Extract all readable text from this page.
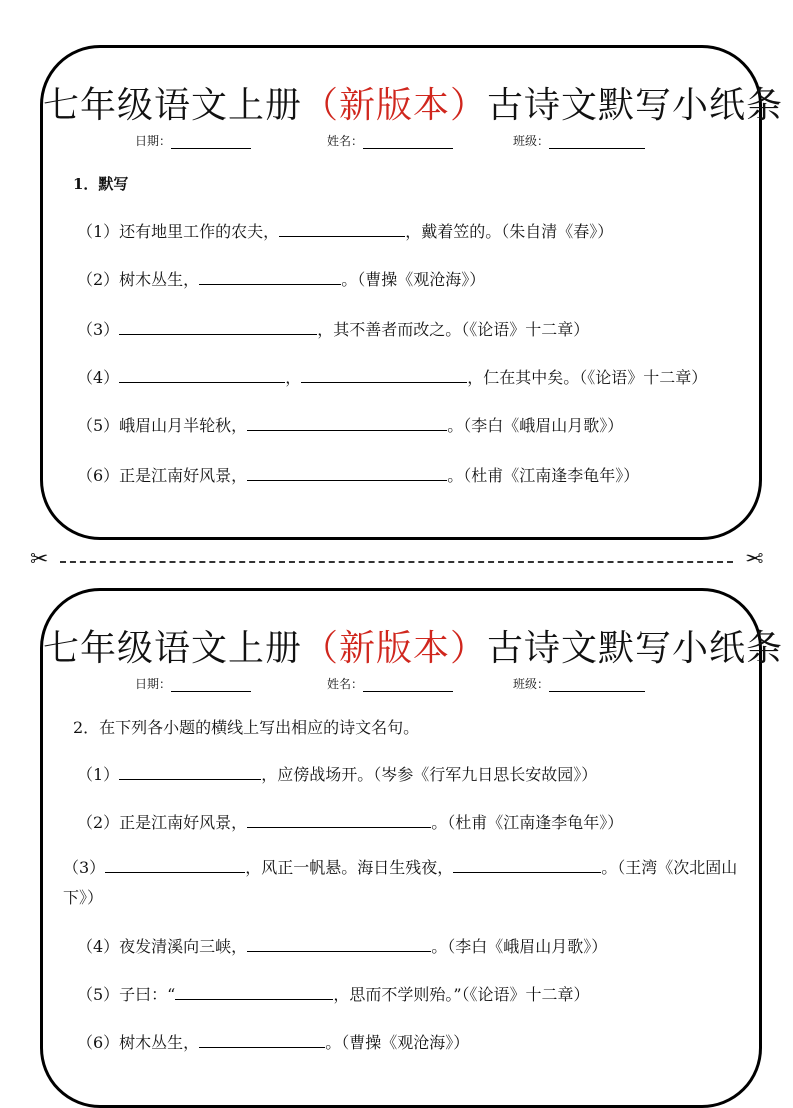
七年级语文上册（新版本）古诗文默写小纸条
日期：	姓名：	班级：
1．默写
（1）还有地里工作的农夫，	，戴着笠的。（朱自清《春》）
（2）树木丛生，	。（曹操《观沧海》）
（3）	，其不善者而改之。（《论语》十二章）
（4）	，	，仁在其中矣。（《论语》十二章）
（5）峨眉山月半轮秋，	。（李白《峨眉山月歌》）
（6）正是江南好风景，	。（杜甫《江南逢李龟年》）
✂	✂
七年级语文上册（新版本）古诗文默写小纸条
日期：	姓名：	班级：
2．在下列各小题的横线上写出相应的诗文名句。
（1）	，应傍战场开。（岑参《行军九日思长安故园》）
（2）正是江南好风景，	。（杜甫《江南逢李龟年》）
（3）	，风正一帆悬。海日生残夜，	。（王湾《次北固山下》）
（4）夜发清溪向三峡，	。（李白《峨眉山月歌》）
（5）子曰：“	，思而不学则殆。”（《论语》十二章）
（6）树木丛生，	。（曹操《观沧海》）
